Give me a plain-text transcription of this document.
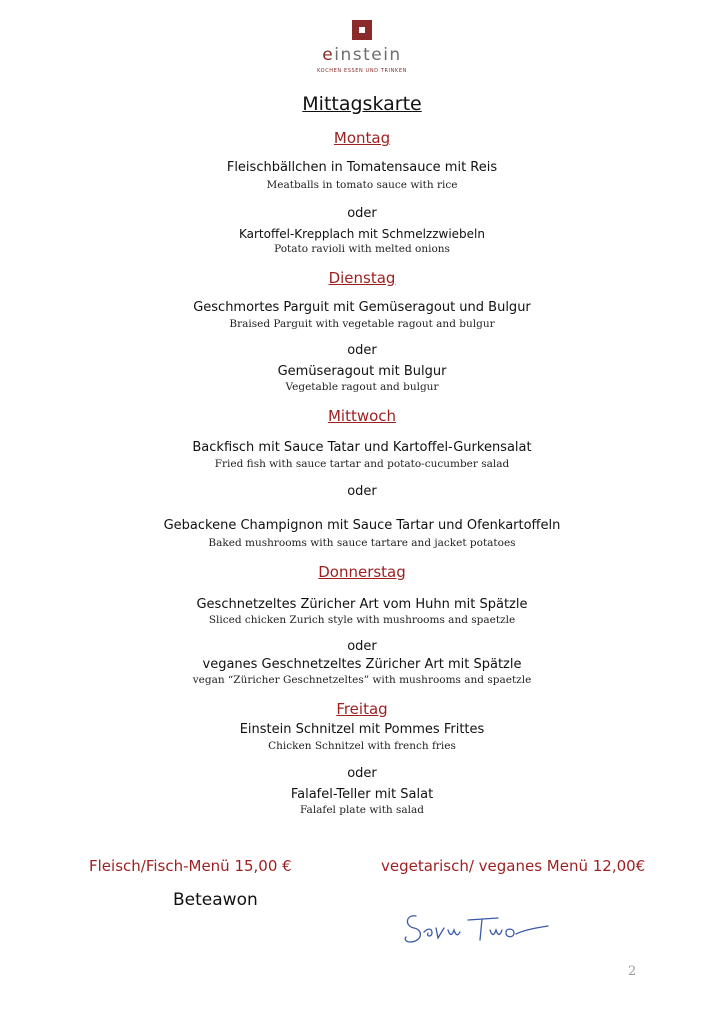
einstein
KOCHEN ESSEN UND TRINKEN
Mittagskarte
Montag
Fleischbällchen in Tomatensauce mit Reis
Meatballs in tomato sauce with rice
oder
Kartoffel-Krepplach mit Schmelzzwiebeln
Potato ravioli with melted onions
Dienstag
Geschmortes Parguit mit Gemüseragout und Bulgur
Braised Parguit with vegetable ragout and bulgur
oder
Gemüseragout mit Bulgur
Vegetable ragout and bulgur
Mittwoch
Backfisch mit Sauce Tatar und Kartoffel-Gurkensalat
Fried fish with sauce tartar and potato-cucumber salad
oder
Gebackene Champignon mit Sauce Tartar und Ofenkartoffeln
Baked mushrooms with sauce tartare and jacket potatoes
Donnerstag
Geschnetzeltes Züricher Art vom Huhn mit Spätzle
Sliced chicken Zurich style with mushrooms and spaetzle
oder
veganes Geschnetzeltes Züricher Art mit Spätzle
vegan “Züricher Geschnetzeltes” with mushrooms and spaetzle
Freitag
Einstein Schnitzel mit Pommes Frittes
Chicken Schnitzel with french fries
oder
Falafel-Teller mit Salat
Falafel plate with salad
Fleisch/Fisch-Menü 15,00 €	vegetarisch/ veganes Menü 12,00€
Beteawon
2
